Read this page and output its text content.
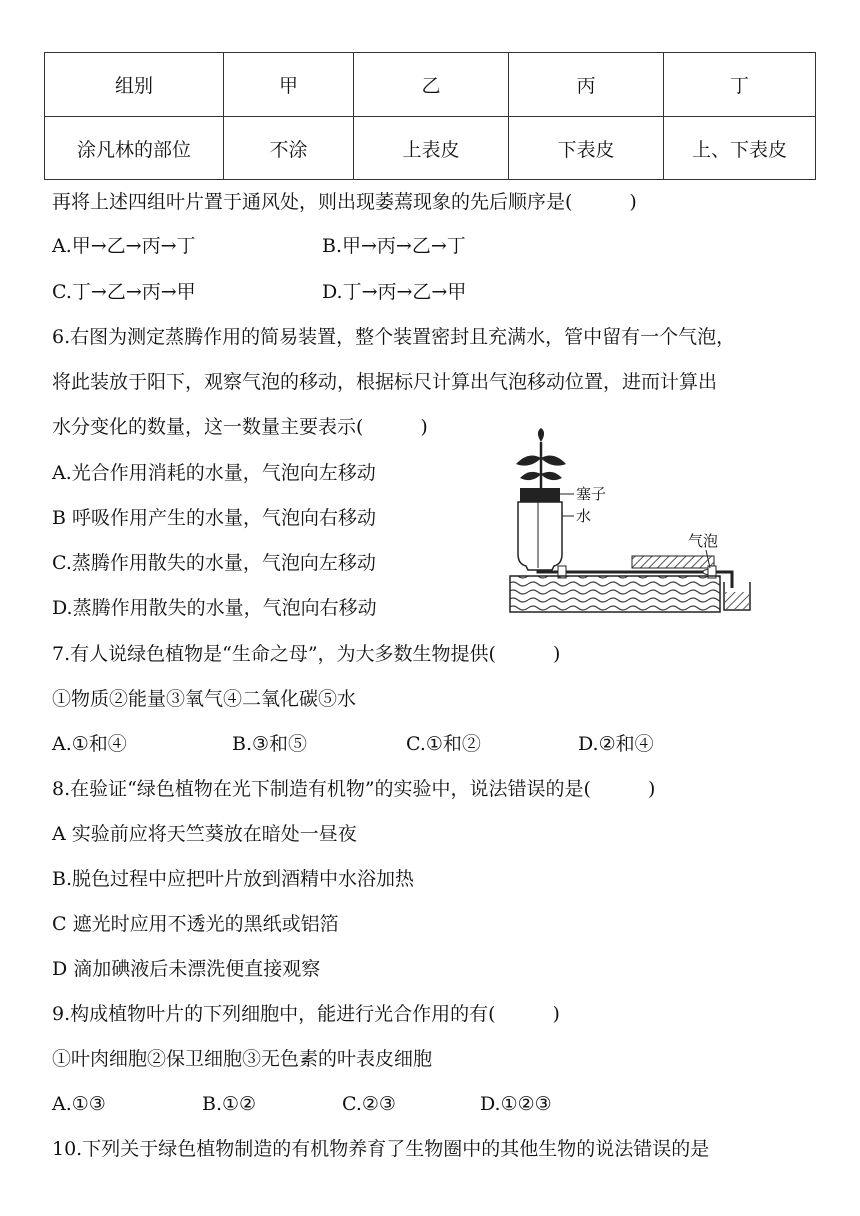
组别	甲	乙	丙	丁
涂凡林的部位	不涂	上表皮	下表皮	上、下表皮
再将上述四组叶片置于通风处，则出现萎蔫现象的先后顺序是(　　　)
A.甲→乙→丙→丁	B.甲→丙→乙→丁
C.丁→乙→丙→甲	D.丁→丙→乙→甲
6.右图为测定蒸腾作用的简易装置，整个装置密封且充满水，管中留有一个气泡，
将此装放于阳下，观察气泡的移动，根据标尺计算出气泡移动位置，进而计算出
水分变化的数量，这一数量主要表示(　　　)
A.光合作用消耗的水量，气泡向左移动
B 呼吸作用产生的水量，气泡向右移动
C.蒸腾作用散失的水量，气泡向左移动
D.蒸腾作用散失的水量，气泡向右移动
塞子
水
气泡
7.有人说绿色植物是“生命之母”，为大多数生物提供(　　　)
①物质②能量③氧气④二氧化碳⑤水
A.①和④	B.③和⑤	C.①和②	D.②和④
8.在验证“绿色植物在光下制造有机物”的实验中，说法错误的是(　　　)
A 实验前应将天竺葵放在暗处一昼夜
B.脱色过程中应把叶片放到酒精中水浴加热
C 遮光时应用不透光的黑纸或铝箔
D 滴加碘液后未漂洗便直接观察
9.构成植物叶片的下列细胞中，能进行光合作用的有(　　　)
①叶肉细胞②保卫细胞③无色素的叶表皮细胞
A.①③	B.①②	C.②③	D.①②③
10.下列关于绿色植物制造的有机物养育了生物圈中的其他生物的说法错误的是
